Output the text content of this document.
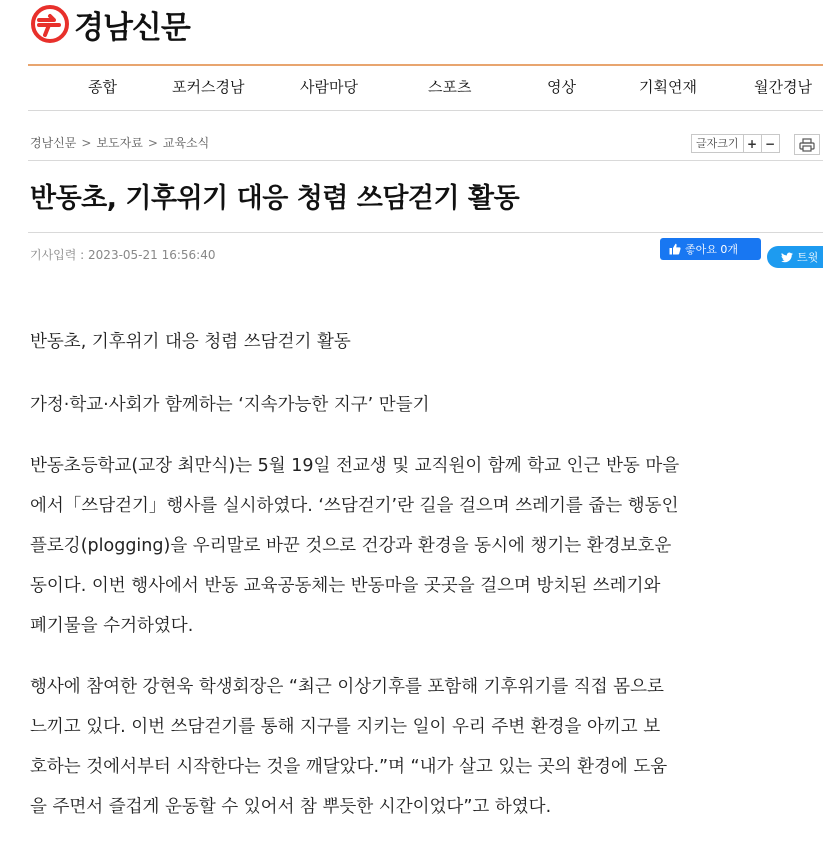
경남신문
종합	포커스경남	사람마당	스포츠	영상	기획연재	월간경남
경남신문 > 보도자료 > 교육소식	글자크기 + −
반동초, 기후위기 대응 청렴 쓰담걷기 활동
기사입력 : 2023-05-21 16:56:40	좋아요 0개
트윗

반동초, 기후위기 대응 청렴 쓰담걷기 활동

가정·학교·사회가 함께하는 ‘지속가능한 지구’ 만들기

반동초등학교(교장 최만식)는 5월 19일 전교생 및 교직원이 함께 학교 인근 반동 마을

에서「쓰담걷기」행사를 실시하였다. ‘쓰담걷기’란 길을 걸으며 쓰레기를 줍는 행동인

플로깅(plogging)을 우리말로 바꾼 것으로 건강과 환경을 동시에 챙기는 환경보호운

동이다. 이번 행사에서 반동 교육공동체는 반동마을 곳곳을 걸으며 방치된 쓰레기와

폐기물을 수거하였다.

행사에 참여한 강현욱 학생회장은 “최근 이상기후를 포함해 기후위기를 직접 몸으로

느끼고 있다. 이번 쓰담걷기를 통해 지구를 지키는 일이 우리 주변 환경을 아끼고 보

호하는 것에서부터 시작한다는 것을 깨달았다.”며 “내가 살고 있는 곳의 환경에 도움

을 주면서 즐겁게 운동할 수 있어서 참 뿌듯한 시간이었다”고 하였다.
